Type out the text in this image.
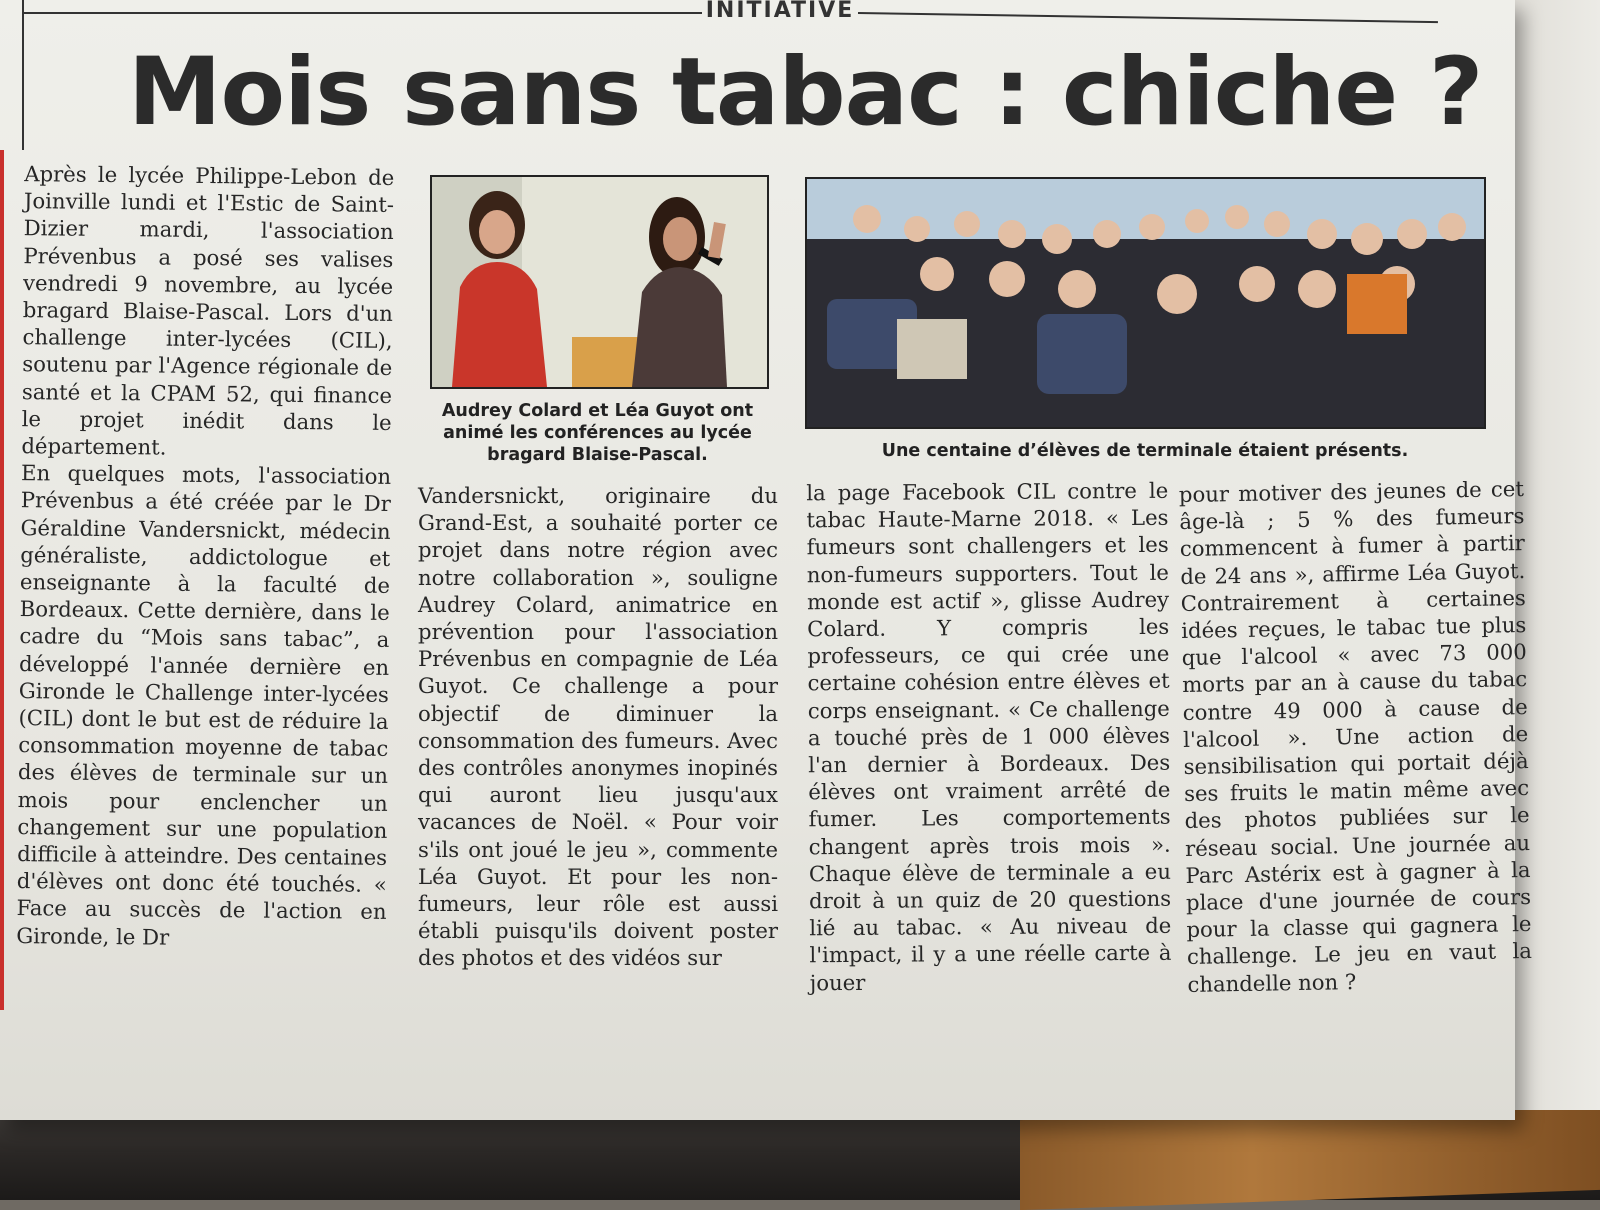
INITIATIVE
Mois sans tabac : chiche ?

Après le lycée Philippe-Lebon de Joinville lundi et l'Estic de Saint-Dizier mardi, l'association Prévenbus a posé ses valises vendredi 9 novembre, au lycée bragard Blaise-Pascal. Lors d'un challenge inter-lycées (CIL), soutenu par l'Agence régionale de santé et la CPAM 52, qui finance le projet inédit dans le département.

En quelques mots, l'association Prévenbus a été créée par le Dr Géraldine Vandersnickt, médecin généraliste, addictologue et enseignante à la faculté de Bordeaux. Cette dernière, dans le cadre du “Mois sans tabac”, a développé l'année dernière en Gironde le Challenge inter-lycées (CIL) dont le but est de réduire la consommation moyenne de tabac des élèves de terminale sur un mois pour enclencher un changement sur une population difficile à atteindre. Des centaines d'élèves ont donc été touchés. « Face au succès de l'action en Gironde, le Dr

Audrey Colard et Léa Guyot ont animé les conférences au lycée bragard Blaise-Pascal.	Une centaine d’élèves de terminale étaient présents.

Vandersnickt, originaire du Grand-Est, a souhaité porter ce projet dans notre région avec notre collaboration », souligne Audrey Colard, animatrice en prévention pour l'association Prévenbus en compagnie de Léa Guyot. Ce challenge a pour objectif de diminuer la consommation des fumeurs. Avec des contrôles anonymes inopinés qui auront lieu jusqu'aux vacances de Noël. « Pour voir s'ils ont joué le jeu », commente Léa Guyot. Et pour les non-fumeurs, leur rôle est aussi établi puisqu'ils doivent poster des photos et des vidéos sur

la page Facebook CIL contre le tabac Haute-Marne 2018. « Les fumeurs sont challengers et les non-fumeurs supporters. Tout le monde est actif », glisse Audrey Colard. Y compris les professeurs, ce qui crée une certaine cohésion entre élèves et corps enseignant. « Ce challenge a touché près de 1 000 élèves l'an dernier à Bordeaux. Des élèves ont vraiment arrêté de fumer. Les comportements changent après trois mois ». Chaque élève de terminale a eu droit à un quiz de 20 questions lié au tabac. « Au niveau de l'impact, il y a une réelle carte à jouer

pour motiver des jeunes de cet âge-là ; 5 % des fumeurs commencent à fumer à partir de 24 ans », affirme Léa Guyot. Contrairement à certaines idées reçues, le tabac tue plus que l'alcool « avec 73 000 morts par an à cause du tabac contre 49 000 à cause de l'alcool ». Une action de sensibilisation qui portait déjà ses fruits le matin même avec des photos publiées sur le réseau social. Une journée au Parc Astérix est à gagner à la place d'une journée de cours pour la classe qui gagnera le challenge. Le jeu en vaut la chandelle non ?
